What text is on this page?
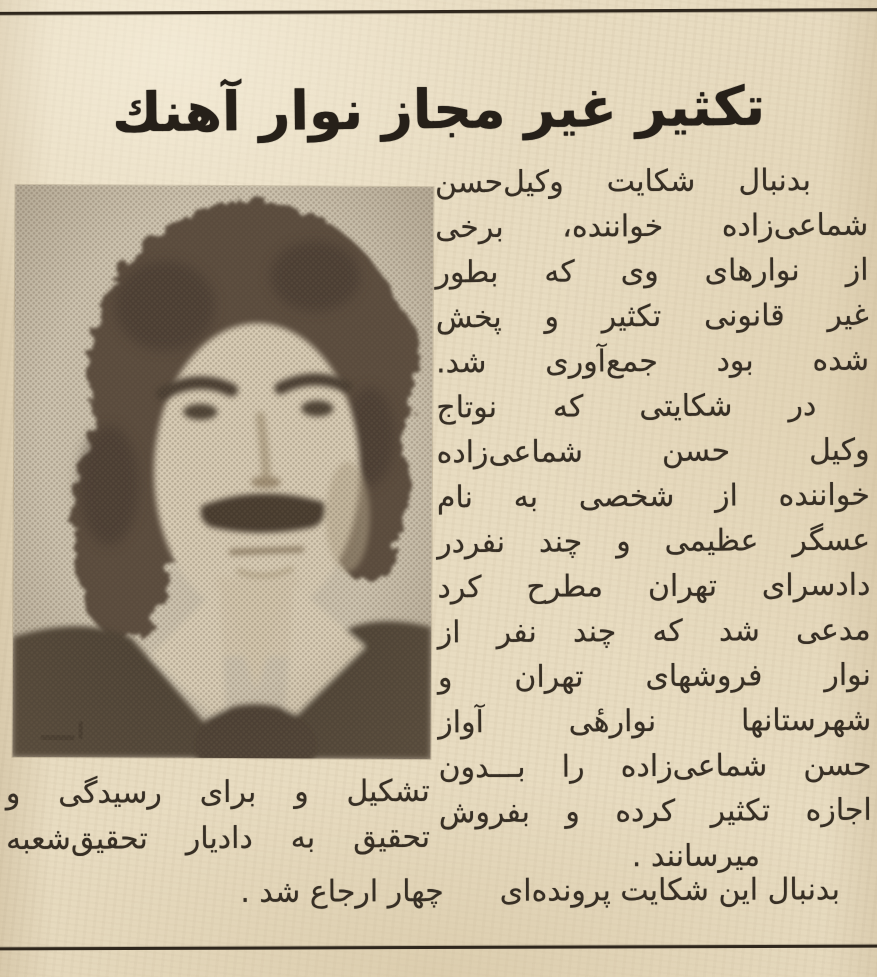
تكثير غير مجاز نوار آهنك
بدنبال شكايت وكيل‌حسن
شماعی‌زاده خواننده، برخی
از نوارهای وی كه بطور
غير قانونی تكثير و پخش
شده بود جمع‌آوری شد.
در شكايتی كه نوتاج
وكيل حسن شماعی‌زاده
خواننده از شخصی به نام
عسگر عظيمی و چند نفردر
دادسرای تهران مطرح كرد
مدعی شد كه چند نفر از
نوار فروشهای تهران و
شهرستانها نوارهٔی آواز
حسن شماعی‌زاده را بـــدون
اجازه تكثير كرده و بفروش
ميرسانند .
تشكيل و برای رسيدگی و
تحقيق به داديار تحقيق‌شعبه
بدنبال اين شكايت پرونده‌ای
چهار ارجاع شد .
